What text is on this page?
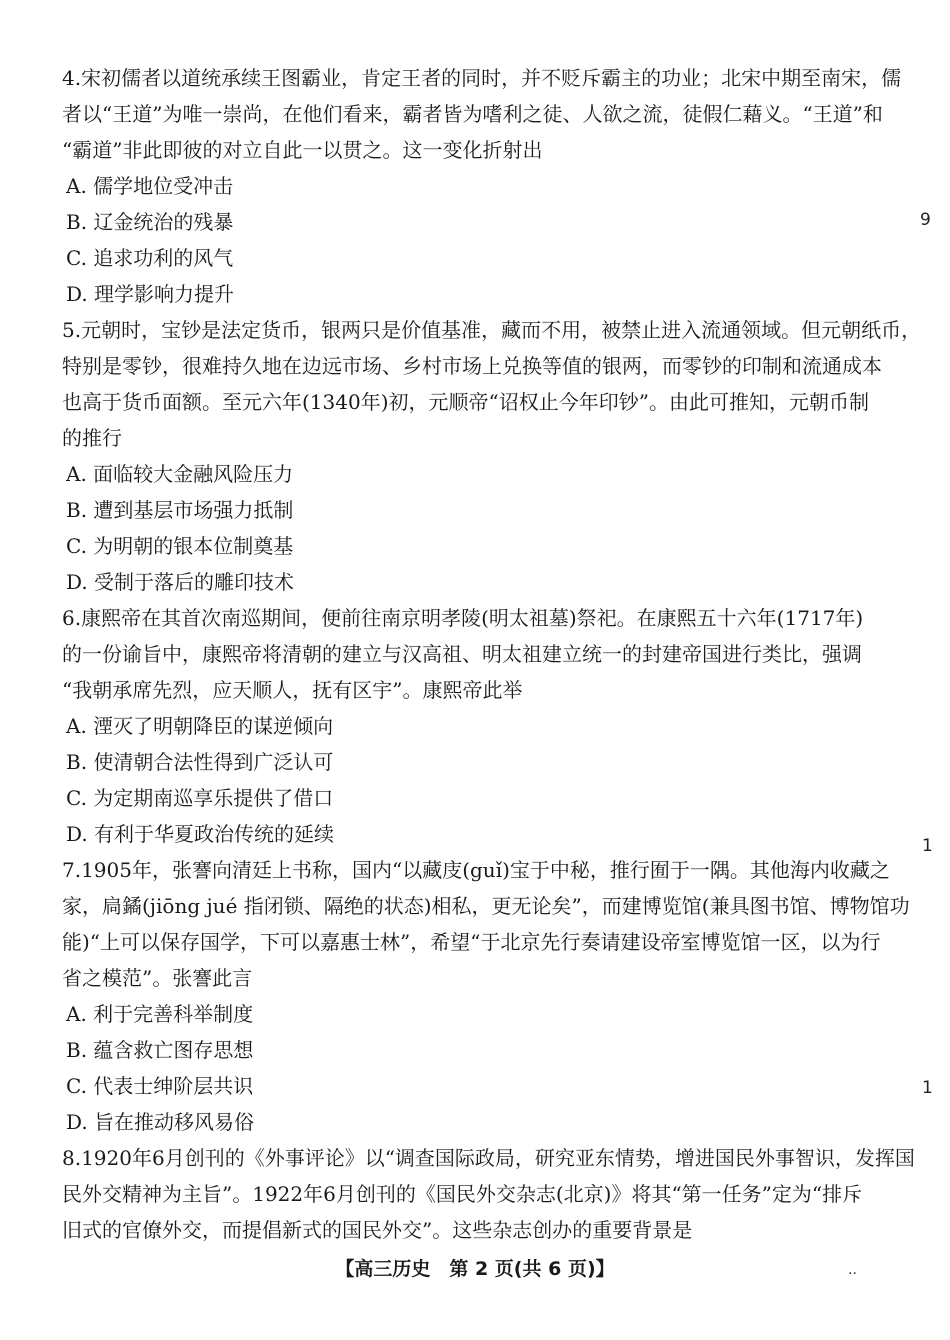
4.宋初儒者以道统承续王图霸业，肯定王者的同时，并不贬斥霸主的功业；北宋中期至南宋，儒
者以“王道”为唯一崇尚，在他们看来，霸者皆为嗜利之徒、人欲之流，徒假仁藉义。“王道”和
“霸道”非此即彼的对立自此一以贯之。这一变化折射出
A. 儒学地位受冲击
B. 辽金统治的残暴
C. 追求功利的风气
D. 理学影响力提升
5.元朝时，宝钞是法定货币，银两只是价值基准，藏而不用，被禁止进入流通领域。但元朝纸币，
特别是零钞，很难持久地在边远市场、乡村市场上兑换等值的银两，而零钞的印制和流通成本
也高于货币面额。至元六年(1340年)初，元顺帝“诏权止今年印钞”。由此可推知，元朝币制
的推行
A. 面临较大金融风险压力
B. 遭到基层市场强力抵制
C. 为明朝的银本位制奠基
D. 受制于落后的雕印技术
6.康熙帝在其首次南巡期间，便前往南京明孝陵(明太祖墓)祭祀。在康熙五十六年(1717年)
的一份谕旨中，康熙帝将清朝的建立与汉高祖、明太祖建立统一的封建帝国进行类比，强调
“我朝承席先烈，应天顺人，抚有区宇”。康熙帝此举
A. 湮灭了明朝降臣的谋逆倾向
B. 使清朝合法性得到广泛认可
C. 为定期南巡享乐提供了借口
D. 有利于华夏政治传统的延续
7.1905年，张謇向清廷上书称，国内“以藏庋(guǐ)宝于中秘，推行囿于一隅。其他海内收藏之
家，扃鐍(jiōng jué 指闭锁、隔绝的状态)相私，更无论矣”，而建博览馆(兼具图书馆、博物馆功
能)“上可以保存国学，下可以嘉惠士林”，希望“于北京先行奏请建设帝室博览馆一区，以为行
省之模范”。张謇此言
A. 利于完善科举制度
B. 蕴含救亡图存思想
C. 代表士绅阶层共识
D. 旨在推动移风易俗
8.1920年6月创刊的《外事评论》以“调查国际政局，研究亚东情势，增进国民外事智识，发挥国
民外交精神为主旨”。1922年6月创刊的《国民外交杂志(北京)》将其“第一任务”定为“排斥
旧式的官僚外交，而提倡新式的国民外交”。这些杂志创办的重要背景是
9
1
1
【高三历史　第 2 页(共 6 页)】	..
